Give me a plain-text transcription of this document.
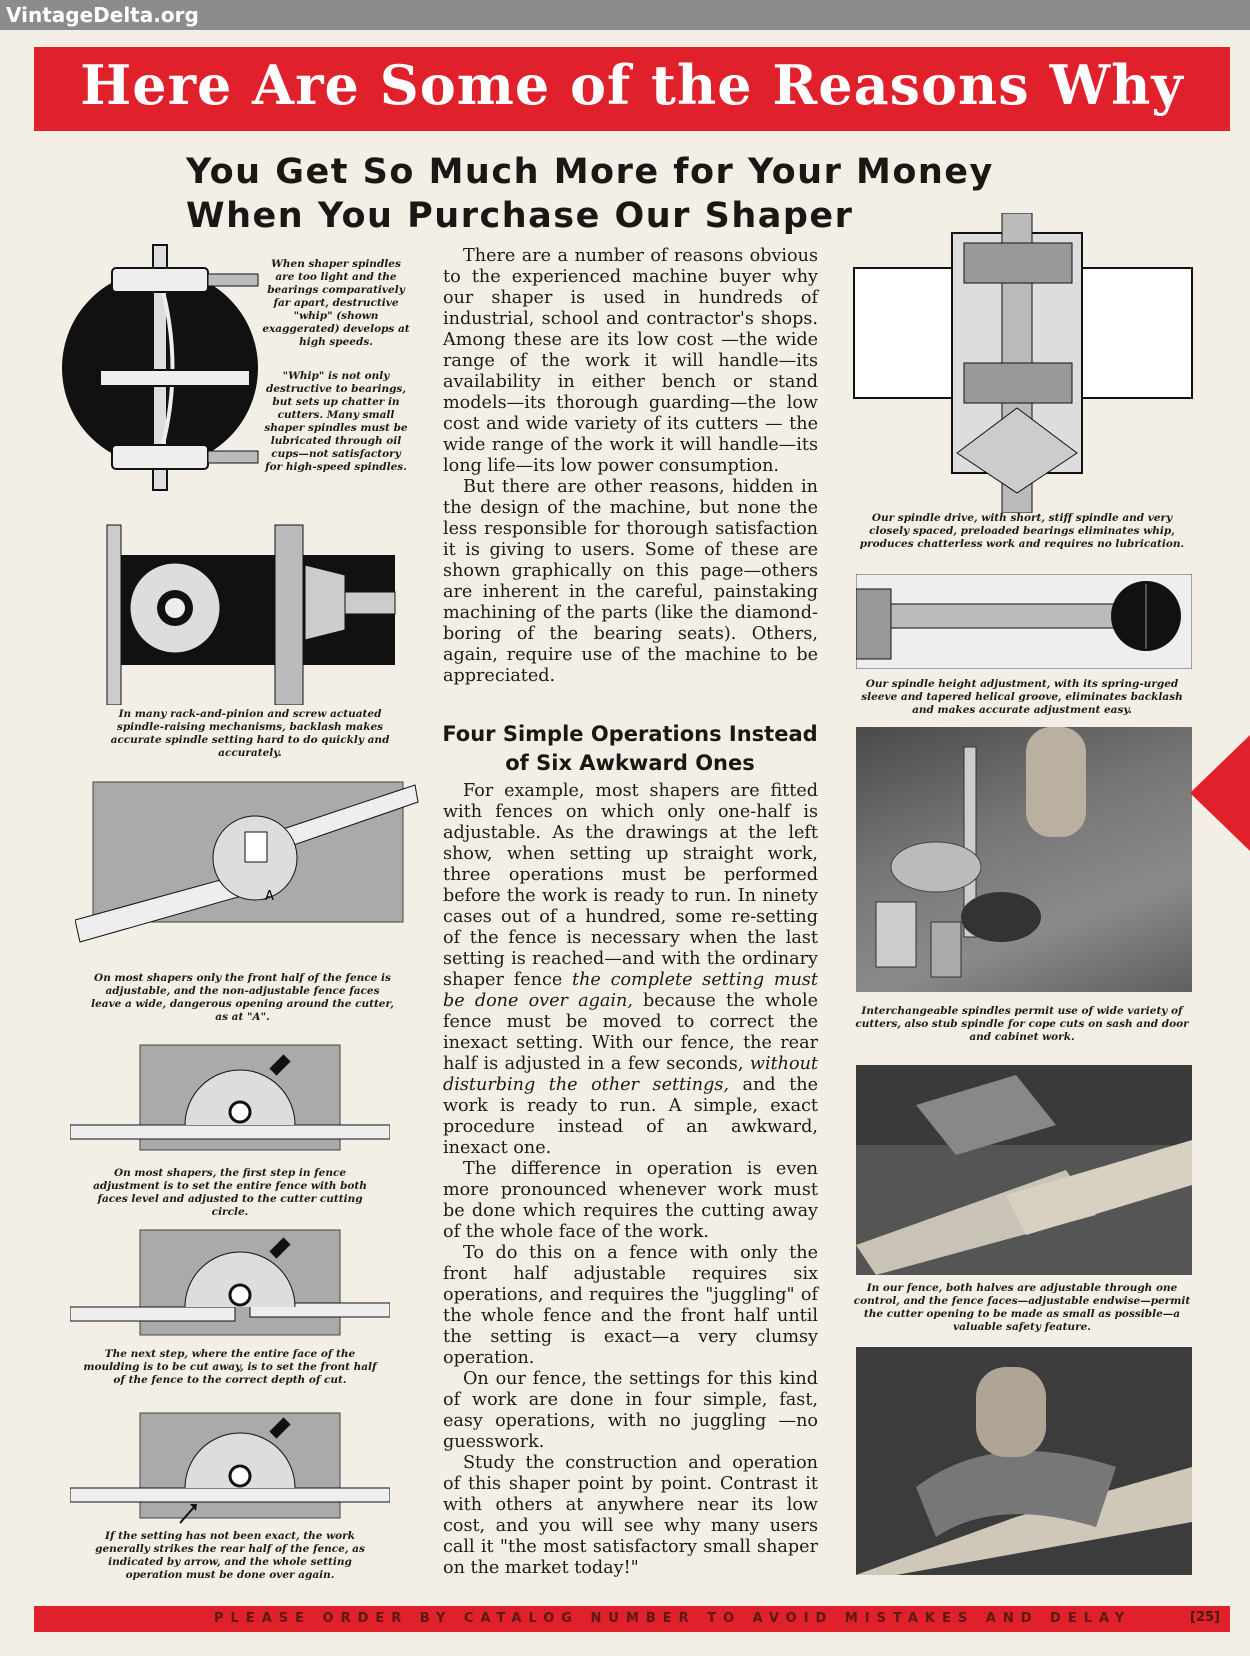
VintageDelta.org
Here Are Some of the Reasons Why
You Get So Much More for Your Money
When You Purchase Our Shaper
When shaper spindles are too light and the bearings comparatively far apart, destructive "whip" (shown exaggerated) develops at high speeds.
"Whip" is not only destructive to bearings, but sets up chatter in cutters. Many small shaper spindles must be lubricated through oil cups—not satisfactory for high-speed spindles.
In many rack-and-pinion and screw actuated spindle-raising mechanisms, backlash makes accurate spindle setting hard to do quickly and accurately.
A
On most shapers only the front half of the fence is adjustable, and the non-adjustable fence faces leave a wide, dangerous opening around the cutter, as at "A".
On most shapers, the first step in fence adjustment is to set the entire fence with both faces level and adjusted to the cutter cutting circle.
The next step, where the entire face of the moulding is to be cut away, is to set the front half of the fence to the correct depth of cut.
If the setting has not been exact, the work generally strikes the rear half of the fence, as indicated by arrow, and the whole setting operation must be done over again.

There are a number of reasons obvious to the experienced machine buyer why our shaper is used in hundreds of industrial, school and contractor's shops. Among these are its low cost —the wide range of the work it will handle—its availability in either bench or stand models—its thorough guarding—the low cost and wide variety of its cutters — the wide range of the work it will handle—its long life—its low power consumption.

But there are other reasons, hidden in the design of the machine, but none the less responsible for thorough satisfaction it is giving to users. Some of these are shown graphically on this page—others are inherent in the careful, painstaking machining of the parts (like the diamond-boring of the bearing seats). Others, again, require use of the machine to be appreciated.

Four Simple Operations Instead of Six Awkward Ones

For example, most shapers are fitted with fences on which only one-half is adjustable. As the drawings at the left show, when setting up straight work, three operations must be performed before the work is ready to run. In ninety cases out of a hundred, some re-setting of the fence is necessary when the last setting is reached—and with the ordinary shaper fence the complete setting must be done over again, because the whole fence must be moved to correct the inexact setting. With our fence, the rear half is adjusted in a few seconds, without disturbing the other settings, and the work is ready to run. A simple, exact procedure instead of an awkward, inexact one.

The difference in operation is even more pronounced whenever work must be done which requires the cutting away of the whole face of the work.

To do this on a fence with only the front half adjustable requires six operations, and requires the "juggling" of the whole fence and the front half until the setting is exact—a very clumsy operation.

On our fence, the settings for this kind of work are done in four simple, fast, easy operations, with no juggling —no guesswork.

Study the construction and operation of this shaper point by point. Contrast it with others at anywhere near its low cost, and you will see why many users call it "the most satisfactory small shaper on the market today!"

Our spindle drive, with short, stiff spindle and very closely spaced, preloaded bearings eliminates whip, produces chatterless work and requires no lubrication.
Our spindle height adjustment, with its spring-urged sleeve and tapered helical groove, eliminates backlash and makes accurate adjustment easy.
Interchangeable spindles permit use of wide variety of cutters, also stub spindle for cope cuts on sash and door and cabinet work.
In our fence, both halves are adjustable through one control, and the fence faces—adjustable endwise—permit the cutter opening to be made as small as possible—a valuable safety feature.
PLEASE ORDER BY CATALOG NUMBER TO AVOID MISTAKES AND DELAY	[25]
